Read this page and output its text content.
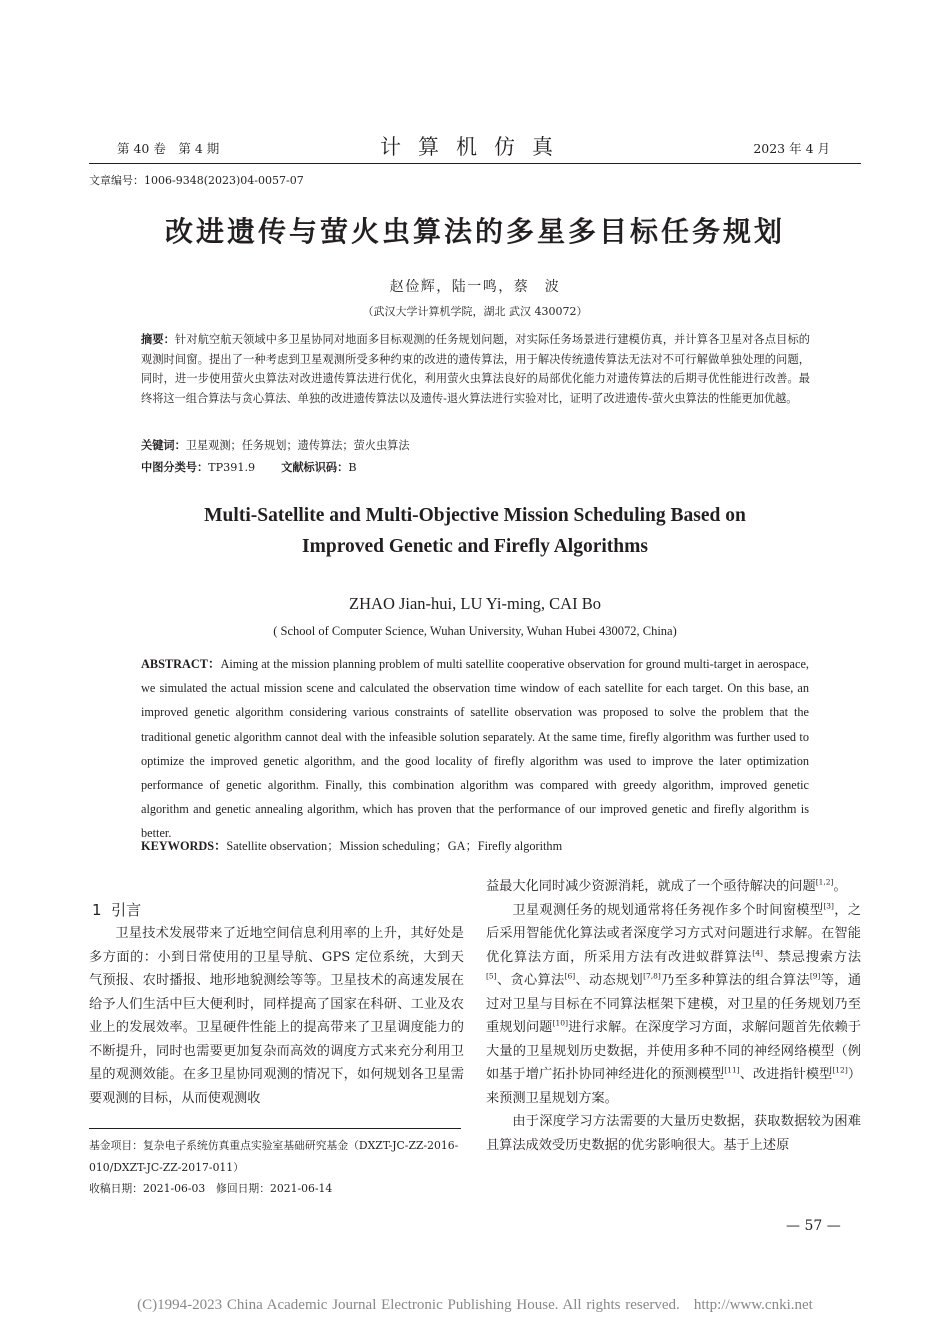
第 40 卷　第 4 期	计算机仿真	2023 年 4 月
文章编号：1006-9348(2023)04-0057-07
改进遗传与萤火虫算法的多星多目标任务规划
赵俭辉，陆一鸣，蔡　波
（武汉大学计算机学院，湖北 武汉 430072）
摘要：针对航空航天领域中多卫星协同对地面多目标观测的任务规划问题，对实际任务场景进行建模仿真，并计算各卫星对各点目标的观测时间窗。提出了一种考虑到卫星观测所受多种约束的改进的遗传算法，用于解决传统遗传算法无法对不可行解做单独处理的问题，同时，进一步使用萤火虫算法对改进遗传算法进行优化，利用萤火虫算法良好的局部优化能力对遗传算法的后期寻优性能进行改善。最终将这一组合算法与贪心算法、单独的改进遗传算法以及遗传-退火算法进行实验对比，证明了改进遗传-萤火虫算法的性能更加优越。
关键词：卫星观测；任务规划；遗传算法；萤火虫算法
中图分类号：TP391.9 文献标识码：B
Multi-Satellite and Multi-Objective Mission Scheduling Based on
Improved Genetic and Firefly Algorithms
ZHAO Jian-hui, LU Yi-ming, CAI Bo
( School of Computer Science, Wuhan University, Wuhan Hubei 430072, China)
ABSTRACT：Aiming at the mission planning problem of multi satellite cooperative observation for ground multi-target in aerospace, we simulated the actual mission scene and calculated the observation time window of each satellite for each target. On this base, an improved genetic algorithm considering various constraints of satellite observation was proposed to solve the problem that the traditional genetic algorithm cannot deal with the infeasible solution separately. At the same time, firefly algorithm was further used to optimize the improved genetic algorithm, and the good locality of firefly algorithm was used to improve the later optimization performance of genetic algorithm. Finally, this combination algorithm was compared with greedy algorithm, improved genetic algorithm and genetic annealing algorithm, which has proven that the performance of our improved genetic and firefly algorithm is better.
KEYWORDS：Satellite observation；Mission scheduling；GA；Firefly algorithm
1 引言

卫星技术发展带来了近地空间信息利用率的上升，其好处是多方面的：小到日常使用的卫星导航、GPS 定位系统，大到天气预报、农时播报、地形地貌测绘等等。卫星技术的高速发展在给予人们生活中巨大便利时，同样提高了国家在科研、工业及农业上的发展效率。卫星硬件性能上的提高带来了卫星调度能力的不断提升，同时也需要更加复杂而高效的调度方式来充分利用卫星的观测效能。在多卫星协同观测的情况下，如何规划各卫星需要观测的目标，从而使观测收

益最大化同时减少资源消耗，就成了一个亟待解决的问题[1,2]。

卫星观测任务的规划通常将任务视作多个时间窗模型[3]，之后采用智能优化算法或者深度学习方式对问题进行求解。在智能优化算法方面，所采用方法有改进蚁群算法[4]、禁忌搜索方法[5]、贪心算法[6]、动态规划[7,8]乃至多种算法的组合算法[9]等，通过对卫星与目标在不同算法框架下建模，对卫星的任务规划乃至重规划问题[10]进行求解。在深度学习方面，求解问题首先依赖于大量的卫星规划历史数据，并使用多种不同的神经网络模型（例如基于增广拓扑协同神经进化的预测模型[11]、改进指针模型[12]）来预测卫星规划方案。

由于深度学习方法需要的大量历史数据，获取数据较为困难且算法成效受历史数据的优劣影响很大。基于上述原

基金项目：复杂电子系统仿真重点实验室基础研究基金（DXZT-JC-ZZ-2016-010/DXZT-JC-ZZ-2017-011）

收稿日期：2021-06-03　修回日期：2021-06-14

— 57 —
(C)1994-2023 China Academic Journal Electronic Publishing House. All rights reserved. http://www.cnki.net
